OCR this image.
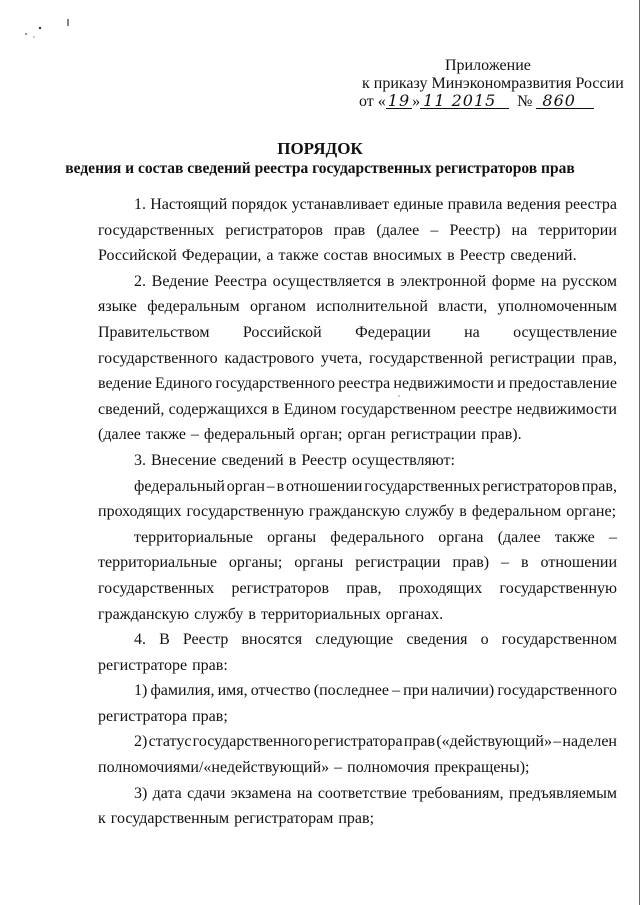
Приложение
к приказу Минэкономразвития России
от « 19 » 11 2015 № 860
ПОРЯДОК
ведения и состав сведений реестра государственных регистраторов прав
1. Настоящий порядок устанавливает единые правила ведения реестра
государственных регистраторов прав (далее – Реестр) на территории
Российской Федерации, а также состав вносимых в Реестр сведений.
2. Ведение Реестра осуществляется в электронной форме на русском
языке федеральным органом исполнительной власти, уполномоченным
Правительством Российской Федерации на осуществление
государственного кадастрового учета, государственной регистрации прав,
ведение Единого государственного реестра недвижимости и предоставление
сведений, содержащихся в Едином государственном реестре недвижимости
(далее также – федеральный орган; орган регистрации прав).
3. Внесение сведений в Реестр осуществляют:
федеральный орган – в отношении государственных регистраторов прав,
проходящих государственную гражданскую службу в федеральном органе;
территориальные органы федерального органа (далее также –
территориальные органы; органы регистрации прав) – в отношении
государственных регистраторов прав, проходящих государственную
гражданскую службу в территориальных органах.
4. В Реестр вносятся следующие сведения о государственном
регистраторе прав:
1) фамилия, имя, отчество (последнее – при наличии) государственного
регистратора прав;
2) статус государственного регистратора прав («действующий» – наделен
полномочиями/«недействующий» – полномочия прекращены);
3) дата сдачи экзамена на соответствие требованиям, предъявляемым
к государственным регистраторам прав;
